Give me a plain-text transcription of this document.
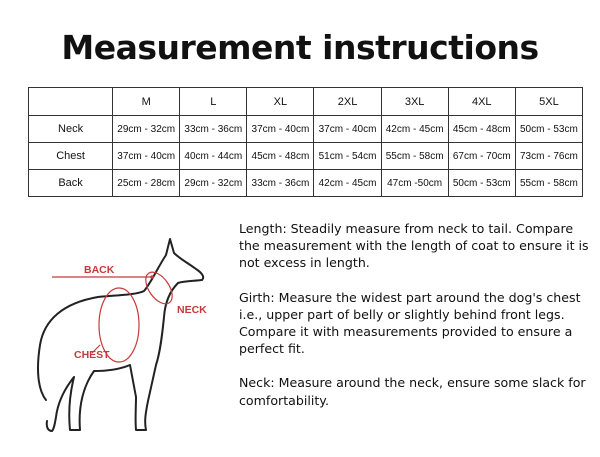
Measurement instructions
	M	L	XL	2XL	3XL	4XL	5XL
Neck	29cm - 32cm	33cm - 36cm	37cm - 40cm	37cm - 40cm	42cm - 45cm	45cm - 48cm	50cm - 53cm
Chest	37cm - 40cm	40cm - 44cm	45cm - 48cm	51cm - 54cm	55cm - 58cm	67cm - 70cm	73cm - 76cm
Back	25cm - 28cm	29cm - 32cm	33cm - 36cm	42cm - 45cm	47cm -50cm	50cm - 53cm	55cm - 58cm
BACK
NECK
CHEST

Length: Steadily measure from neck to tail. Compare the measurement with the length of coat to ensure it is not excess in length.

Girth: Measure the widest part around the dog's chest i.e., upper part of belly or slightly behind front legs. Compare it with measurements provided to ensure a perfect fit.

Neck: Measure around the neck, ensure some slack for comfortability.
